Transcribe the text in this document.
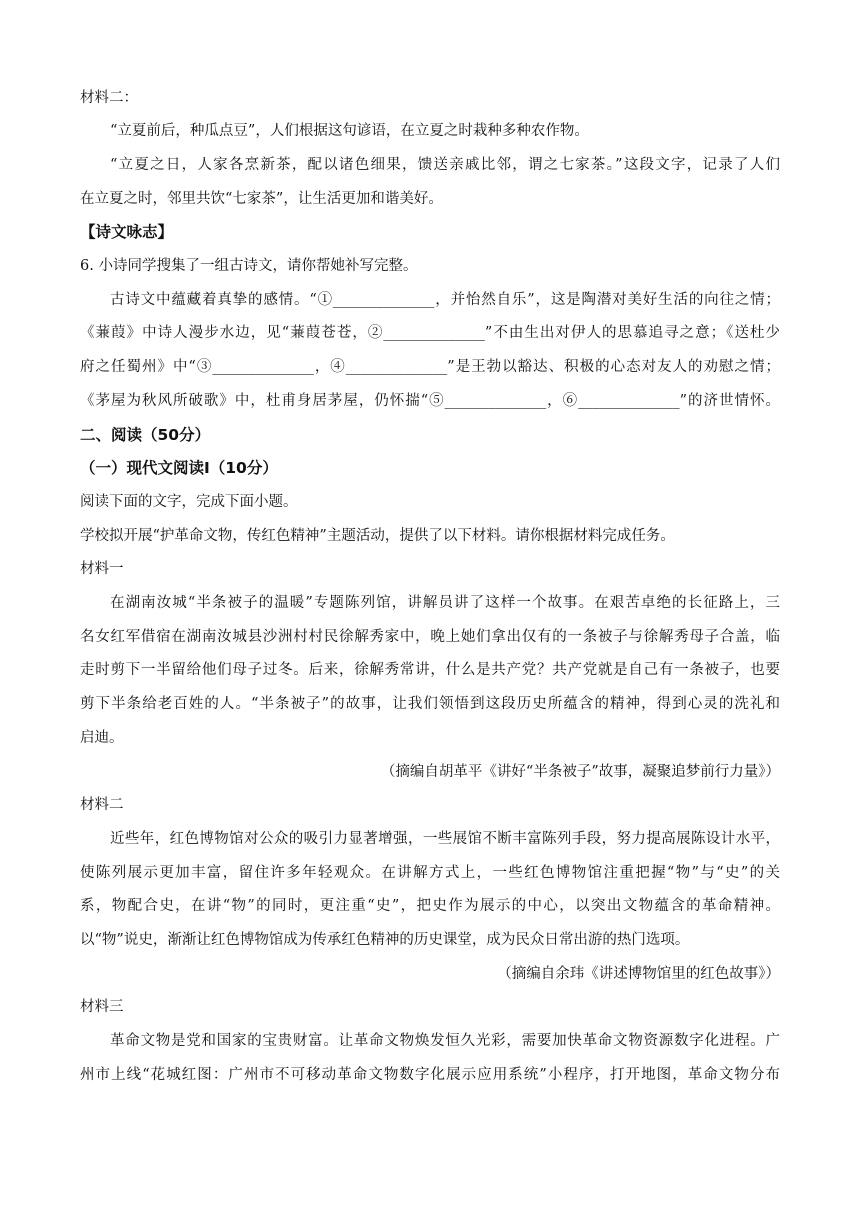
材料二：
“立夏前后，种瓜点豆”，人们根据这句谚语，在立夏之时栽种多种农作物。
“立夏之日，人家各烹新茶，配以诸色细果，馈送亲戚比邻，谓之七家茶。”这段文字，记录了人们
在立夏之时，邻里共饮“七家茶”，让生活更加和谐美好。
【诗文咏志】
6. 小诗同学搜集了一组古诗文，请你帮她补写完整。
古诗文中蕴藏着真挚的感情。“①______________，并怡然自乐”，这是陶潜对美好生活的向往之情；
《蒹葭》中诗人漫步水边，见“蒹葭苍苍，②______________”不由生出对伊人的思慕追寻之意；《送杜少
府之任蜀州》中“③______________，④______________”是王勃以豁达、积极的心态对友人的劝慰之情；
《茅屋为秋风所破歌》中，杜甫身居茅屋，仍怀揣“⑤______________，⑥______________”的济世情怀。
二、阅读（50分）
（一）现代文阅读Ⅰ（10分）
阅读下面的文字，完成下面小题。
学校拟开展“护革命文物，传红色精神”主题活动，提供了以下材料。请你根据材料完成任务。
材料一
在湖南汝城“半条被子的温暖”专题陈列馆，讲解员讲了这样一个故事。在艰苦卓绝的长征路上，三
名女红军借宿在湖南汝城县沙洲村村民徐解秀家中，晚上她们拿出仅有的一条被子与徐解秀母子合盖，临
走时剪下一半留给他们母子过冬。后来，徐解秀常讲，什么是共产党？共产党就是自己有一条被子，也要
剪下半条给老百姓的人。“半条被子”的故事，让我们领悟到这段历史所蕴含的精神，得到心灵的洗礼和
启迪。
（摘编自胡革平《讲好“半条被子”故事，凝聚追梦前行力量》）
材料二
近些年，红色博物馆对公众的吸引力显著增强，一些展馆不断丰富陈列手段，努力提高展陈设计水平，
使陈列展示更加丰富，留住许多年轻观众。在讲解方式上，一些红色博物馆注重把握“物”与“史”的关
系，物配合史，在讲“物”的同时，更注重“史”，把史作为展示的中心，以突出文物蕴含的革命精神。
以“物”说史，渐渐让红色博物馆成为传承红色精神的历史课堂，成为民众日常出游的热门选项。
（摘编自余玮《讲述博物馆里的红色故事》）
材料三
革命文物是党和国家的宝贵财富。让革命文物焕发恒久光彩，需要加快革命文物资源数字化进程。广
州市上线“花城红图：广州市不可移动革命文物数字化展示应用系统”小程序，打开地图，革命文物分布
